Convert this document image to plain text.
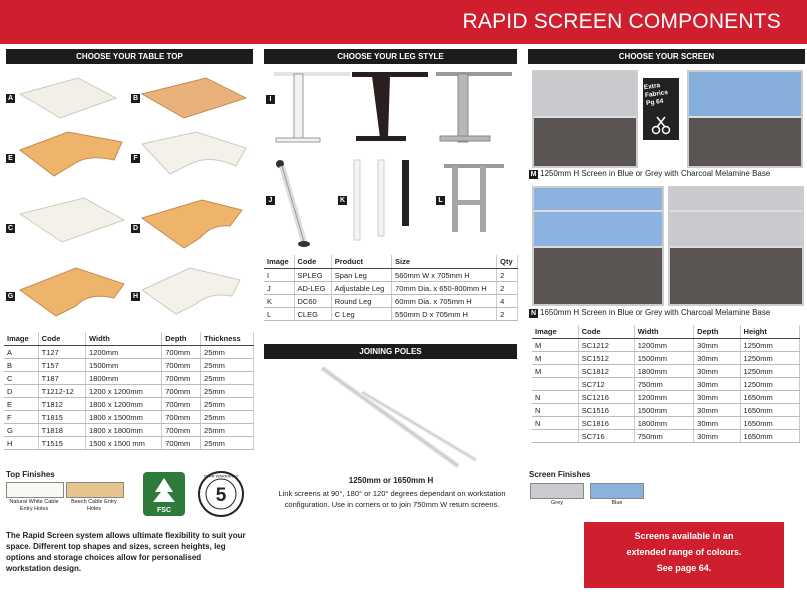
RAPID SCREEN COMPONENTS
CHOOSE YOUR TABLE TOP
A	B
E	F
C	D
G	H
Image	Code	Width	Depth	Thickness
A	T127	1200mm	700mm	25mm
B	T157	1500mm	700mm	25mm
C	T187	1800mm	700mm	25mm
D	T1212-12	1200 x 1200mm	700mm	25mm
E	T1812	1800 x 1200mm	700mm	25mm
F	T1815	1800 x 1500mm	700mm	25mm
G	T1818	1800 x 1800mm	700mm	25mm
H	T1515	1500 x 1500 mm	700mm	25mm
Top Finishes
Natural White Cable Entry Holes
Beech Cable Entry Holes	FSC
5
YEAR WARRANTY
The Rapid Screen system allows ultimate flexibility to suit your space. Different top shapes and sizes, screen heights, leg options and storage choices allow for personalised workstation design.
CHOOSE YOUR LEG STYLE
I
J	K	L
Image	Code	Product	Size	Qty
I	SPLEG	Span Leg	560mm W x 705mm H	2
J	AD-LEG	Adjustable Leg	70mm Dia. x 650-800mm H	2
K	DC60	Round Leg	60mm Dia. x 705mm H	4
L	CLEG	C Leg	550mm D x 705mm H	2
JOINING POLES
1250mm or 1650mm H
Link screens at 90°, 180° or 120° degrees dependant on workstation configuration. Use in corners or to join 750mm W return screens.
CHOOSE YOUR SCREEN
Extra Fabrics Pg 64
M 1250mm H Screen in Blue or Grey with Charcoal Melamine Base
N 1650mm H Screen in Blue or Grey with Charcoal Melamine Base
Image	Code	Width	Depth	Height
M	SC1212	1200mm	30mm	1250mm
M	SC1512	1500mm	30mm	1250mm
M	SC1812	1800mm	30mm	1250mm
	SC712	750mm	30mm	1250mm
N	SC1216	1200mm	30mm	1650mm
N	SC1516	1500mm	30mm	1650mm
N	SC1816	1800mm	30mm	1650mm
	SC716	750mm	30mm	1650mm
Screen Finishes
Grey	Blue
Screens available in an
extended range of colours.
See page 64.
